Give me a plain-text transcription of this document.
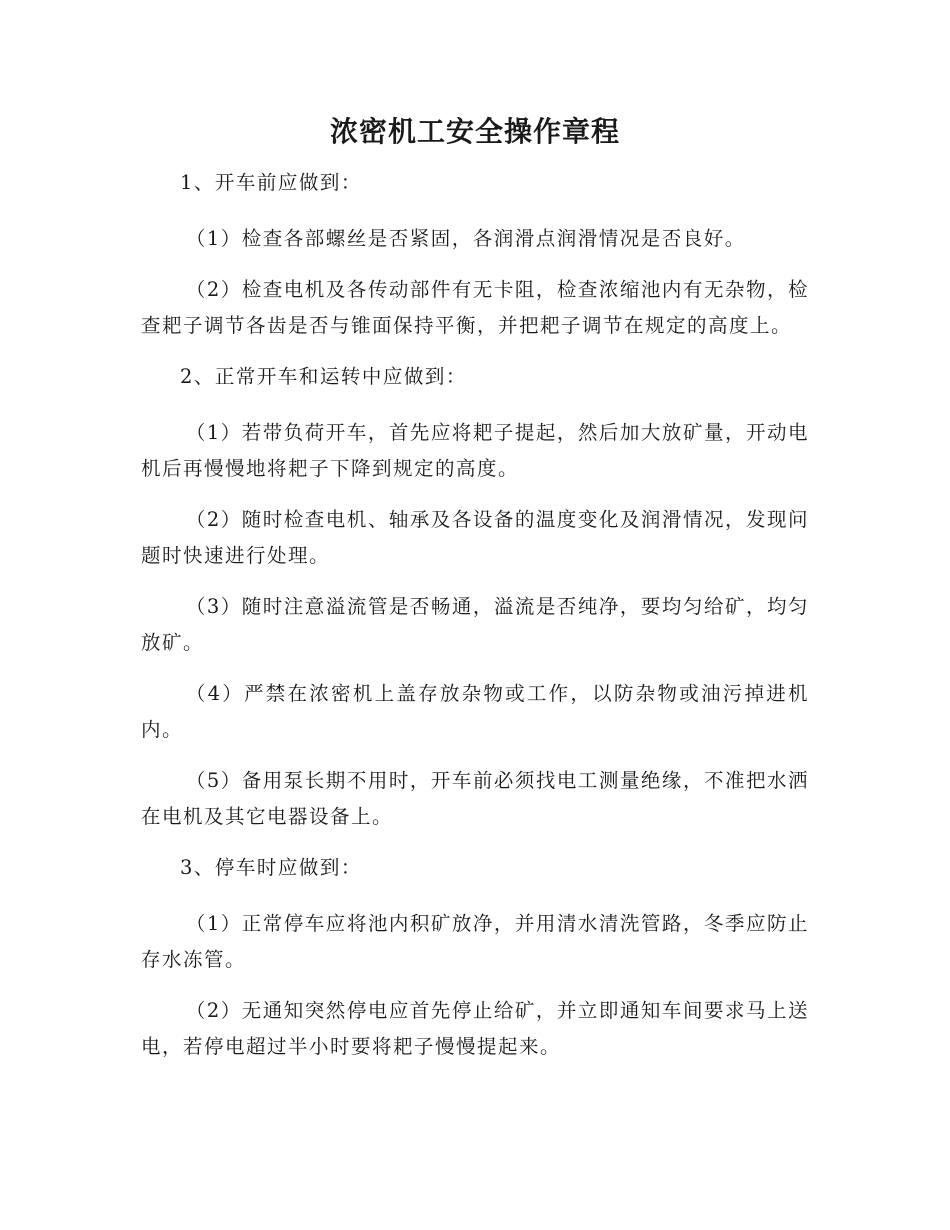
浓密机工安全操作章程

1、开车前应做到：

（1）检查各部螺丝是否紧固，各润滑点润滑情况是否良好。

（2）检查电机及各传动部件有无卡阻，检查浓缩池内有无杂物，检查耙子调节各齿是否与锥面保持平衡，并把耙子调节在规定的高度上。

2、正常开车和运转中应做到：

（1）若带负荷开车，首先应将耙子提起，然后加大放矿量，开动电机后再慢慢地将耙子下降到规定的高度。

（2）随时检查电机、轴承及各设备的温度变化及润滑情况，发现问题时快速进行处理。

（3）随时注意溢流管是否畅通，溢流是否纯净，要均匀给矿，均匀放矿。

（4）严禁在浓密机上盖存放杂物或工作，以防杂物或油污掉进机内。

（5）备用泵长期不用时，开车前必须找电工测量绝缘，不准把水洒在电机及其它电器设备上。

3、停车时应做到：

（1）正常停车应将池内积矿放净，并用清水清洗管路，冬季应防止存水冻管。

（2）无通知突然停电应首先停止给矿，并立即通知车间要求马上送电，若停电超过半小时要将耙子慢慢提起来。
